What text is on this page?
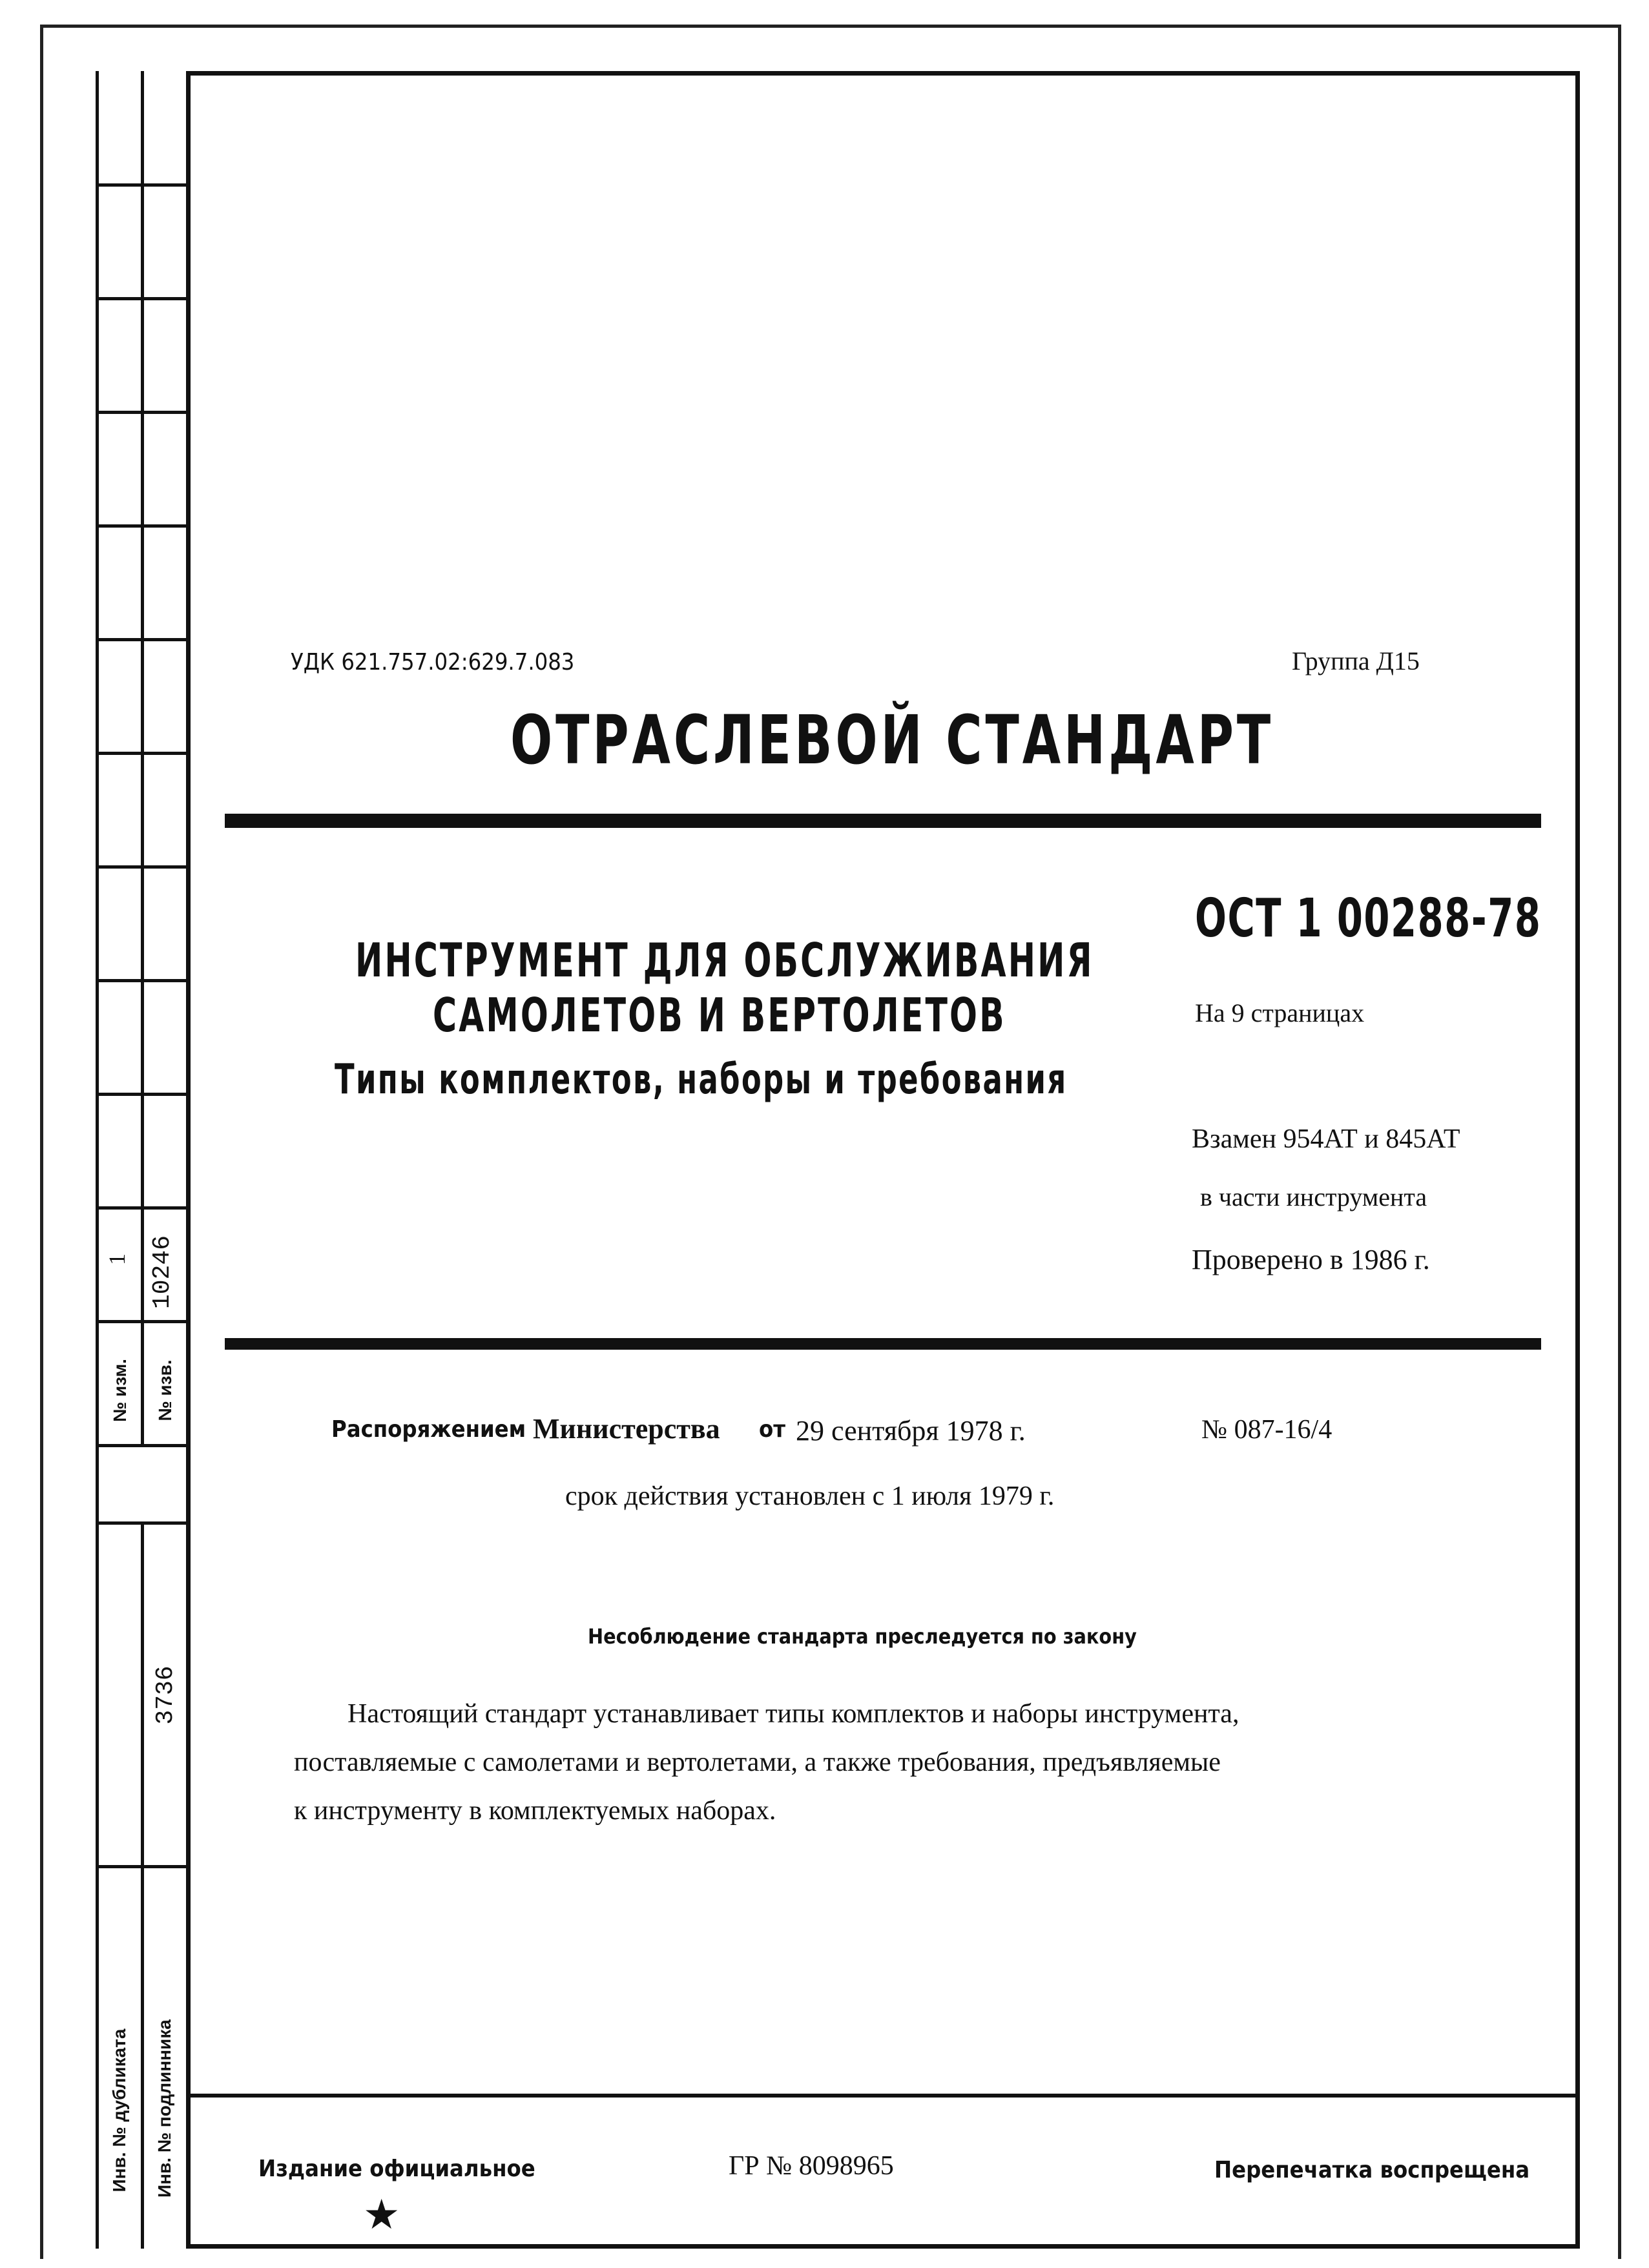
1 10246
№ изм. № изв.
3736
Инв. № дубликата Инв. № подлинника
УДК 621.757.02:629.7.083	Группа Д15
ОТРАСЛЕВОЙ СТАНДАРТ
ИНСТРУМЕНТ ДЛЯ ОБСЛУЖИВАНИЯ
САМОЛЕТОВ И ВЕРТОЛЕТОВ
Типы комплектов, наборы и требования
ОСТ 1 00288-78
На 9 страницах
Взамен 954АТ и 845АТ
в части инструмента
Проверено в 1986 г.
Распоряжением Министерства от 29 сентября 1978 г.	№ 087-16/4
срок действия установлен с 1 июля 1979 г.
Несоблюдение стандарта преследуется по закону
Настоящий стандарт устанавливает типы комплектов и наборы инструмента,
поставляемые с самолетами и вертолетами, а также требования, предъявляемые
к инструменту в комплектуемых наборах.
Издание официальное
★
ГР № 8098965	Перепечатка воспрещена
